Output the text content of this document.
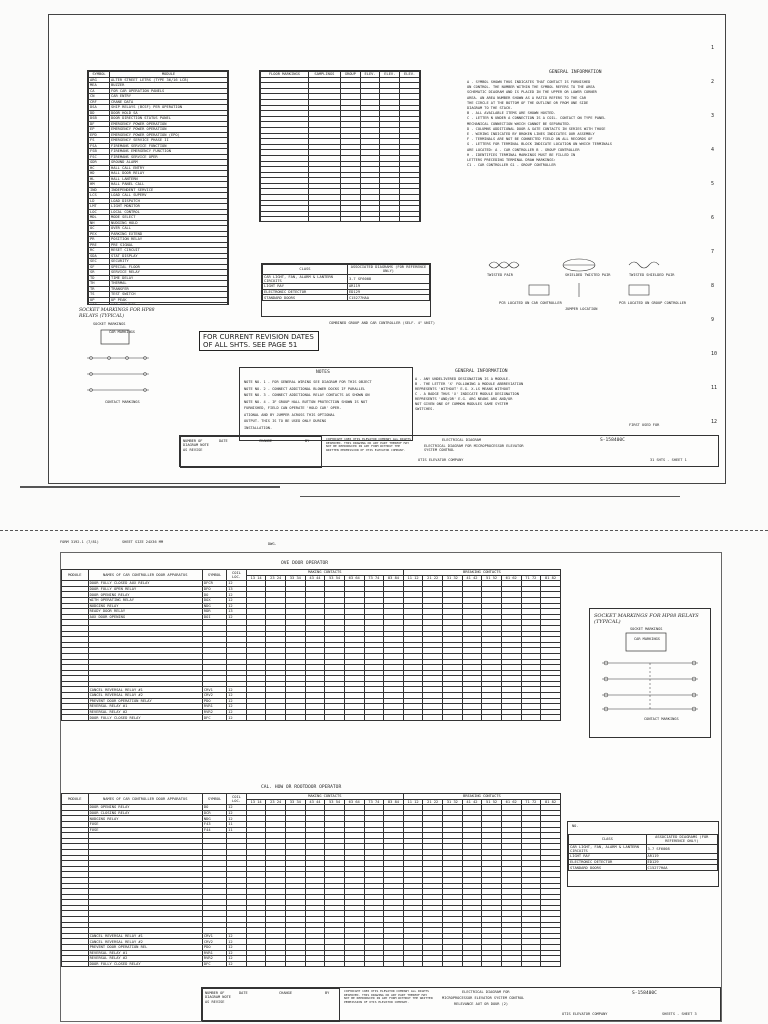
SYMBOL	MODULE
ARG	ALTER STREET LETRS (TYPE 36/16 LCB)
MEA	BUZZER
CA	FOR CAR OPERATION PANELS
CN	CAR ENTRY
CRF	CRANE DATA
DSA	SHIP RELAYS (BCSF) PER OPERATION
DD	DOOR HOLD SA
DSB	DOOR DIRECTION STATUS PANEL
DF	EMERGENCY POWER OPERATION
EP	EMERGENCY POWER OPERATION
EPD	EMERGENCY POWER OPERATION (EPO)
FS	EMERGENCY SERVICE PHASE II
FSA	FIREMANS SERVICE FUNCTION
FSB	FIREMANS EMERGENCY FUNCTION
FSC	FIREMANS SERVICE OPER
GDR	GROUND ALARM
HC	HALL CALL ENTRY
HD	HALL DOOR RELAY
HL	HALL LANTERN
HM	HALL PANEL CALL
IND	INDEPENDENT SERVICE
LCS	LOAD CALL SUPERV
LD	LOAD DISPATCH
LMT	LIGHT MONITOR
LOC	LOCAL CONTROL
MDL	MODE SELECT
NH	NUDGING HOLD
OC	OVER CALL
PEX	PARKING EXTEND
PR	POSITION RELAY
PRE	PRE SIGNAL
RC	RESET CIRCUIT
SDA	STAT DISPLAY
SEC	SECURITY
SF	SPECIAL FLOOR
SR	SERVICE RELAY
TD	TIME DELAY
TH	THERMAL
TR	TRANSFER
TS	TEST SWITCH
UP	UP PEAK

SOCKET MARKINGS FOR HP88 RELAYS (TYPICAL)
SOCKET MARKINGS
CAR MARKINGS
CONTACT MARKINGS
FLOOR MARKINGS	SAMPLINGS	GROUP	ELEV.	ELEV.	ELEV.

FOR CURRENT REVISION DATES OF ALL SHTS. SEE PAGE 51
CLASS	ASSOCIATED DIAGRAMS (FOR REFERENCE ONLY)
CAR LIGHT, FAN, ALARM & LANTERN CIRCUITS	3-7 SF6008
LIGHT RAY	AR119
ELECTRONIC DETECTOR	ED129
STANDARD DOORS	C15277HAA
COMBINED GROUP AND CAR CONTROLLER (SELF. 4" UNIT)
GENERAL INFORMATION
A - SYMBOL SHOWN THUS INDICATES THAT CONTACT IS FURNISHED
ON CONTROL. THE NUMBER WITHIN THE SYMBOL REFERS TO THE AREA
SCHEMATIC DIAGRAM AND IS PLACED IN THE UPPER OR LOWER CORNER
AREA. AN AREA NUMBER SHOWN AS A RATIO REFERS TO THE CAR
THE CIRCLE AT THE BOTTOM OF THE OUTLINE OR FROM ONE SIDE
DIAGRAM TO THE STACK.
B - ALL AVAILABLE ITEMS ARE SHOWN HOSTED.
C - LETTER N UNDER A CONNECTION IS A COIL. CONTACT ON TYPE PANEL
MECHANICAL CONNECTION WHICH CANNOT BE SEPARATED.
D - COLUMNS ADDITIONAL DOOR & GATE CONTACTS IN SERIES WITH THOSE
E - WIRING INDICATED BY BROKEN LINES INDICATES OUR ASSEMBLY
F - TERMINALS ARE NOT BE CONNECTED FIELD ON ALL RECORDS OF
G - LETTERS FOR TERMINAL BLOCK INDICATE LOCATION ON WHICH TERMINALS
ARE LOCATED: A - CAR CONTROLLER B - GROUP CONTROLLER
H - IDENTIFIES TERMINAL MARKINGS MUST BE FILLED IN
LETTERS PRECEDING TERMINAL DRAW MARKINGS:
C1 - CAR CONTROLLER G1 - GROUP CONTROLLER
TWISTED PAIR	SHIELDED TWISTED PAIR	TWISTED SHIELDED PAIR
PCB LOCATED ON CAR CONTROLLER	PCB LOCATED ON GROUP CONTROLLER
JUMPER LOCATION
NOTES
NOTE NO. 1 - FOR GENERAL WIRING SEE DIAGRAM FOR THIS OBJECT
NOTE NO. 2 - CONNECT ADDITIONAL BLOWER DOCKS IF PARALLEL
NOTE NO. 3 - CONNECT ADDITIONAL RELAY CONTACTS AS SHOWN ON
NOTE NO. 4 - IF GROUP HALL BUTTON PROTECTION SHOWN IS NOT
FURNISHED, FIELD CAN OPERATE 'HOLD CAR' OPER-
ATIONAL AND BY JUMPER ACROSS THIS OPTIONAL
OUTPUT. THIS IS TO BE USED ONLY DURING
INSTALLATION.
GENERAL INFORMATION
A - ANY UNDELIVERED DESIGNATION IS A MODULE.
B - THE LETTER 'X' FOLLOWING A MODULE ABBREVIATION
REPRESENTS 'WITHOUT' E.G. X-LS MEANS WITHOUT
C - A BADGE THUS 'X' INDICATE MODULE DESIGNATION
REPRESENTS 'AND/OR' E.G. ARG NEANS ARG AND/OR
NOT GIVEN ONE OF COMMON MODULES SAME SYSTEM
SWITCHES.
FIRST USED FOR
NUMBER OF DIAGRAM NOTE AS REVISE
DATE	CHANGE	BY	COPYRIGHT 1985 OTIS ELEVATOR COMPANY ALL RIGHTS RESERVED. THIS DRAWING OR ANY PART THEREOF MAY NOT BE REPRODUCED IN ANY FORM WITHOUT THE WRITTEN PERMISSION OF OTIS ELEVATOR COMPANY.
ELECTRICAL DIAGRAM
ELECTRICAL DIAGRAM FOR MICROPROCESSOR ELEVATOR SYSTEM CONTROL
OTIS ELEVATOR COMPANY
S-158400C
31 SHTS - SHEET 1
1
2
3
4
5
6
7
8
9
10
11
12
FORM 3192-1 (7/81)	SHEET SIZE 24X36 MM	DWG.
OVE DOOR OPERATOR
MODULE	NAMES OF CAR CONTROLLER DOOR APPARATUS	SYMBOL	COIL LOC.	MAKING CONTACTS								BREAKING CONTACTS							
				13 14	23 24	33 34	43 44	53 54	63 64	73 74	83 84	11 12	21 22	31 32	41 42	51 52	61 62	71 72	81 82
	DOOR FULLY CLOSED AUX RELAY	DFCR	12																
	DOOR FULLY OPEN RELAY	DFO	13																
	DOOR OPENING RELAY	DO	12																
	WITH OPERATING RELAY	DOX	12																
	NUDGING RELAY	NDG	12																
	READY DOOR RELAY	RDR	13																
	AUX DOOR OPENING	DOI	12																

	CANCEL REVERSAL RELAY #1	CRV1	12																
	CANCEL REVERSAL RELAY #2	CRV2	12																
	PREVENT DOOR OPERATION RELAY	PDO	12																
	REVERSAL RELAY #1	RVR1	12																
	REVERSAL RELAY #2	RVR2	12																
	DOOR FULLY CLOSED RELAY	DFC	12																
CAL. HOW OR ROOTDOOR OPERATOR
MODULE	NAMES OF CAR CONTROLLER DOOR APPARATUS	SYMBOL	COIL LOC.	MAKING CONTACTS								BREAKING CONTACTS							
				13 14	23 24	33 34	43 44	53 54	63 64	73 74	83 84	11 12	21 22	31 32	41 42	51 52	61 62	71 72	81 82
	DOOR OPENING RELAY	DO	12																
	DOOR CLOSING RELAY	DCR	12																
	NUDGING RELAY	NDG	12																
	FUSE	F43	11																
	FUSE	F44	11																

	CANCEL REVERSAL RELAY #1	CRV1	12																
	CANCEL REVERSAL RELAY #2	CRV2	12																
	PREVENT DOOR OPERATION REL	PDO	12																
	REVERSAL RELAY #1	RVR1	12																
	REVERSAL RELAY #2	RVR2	12																
	DOOR FULLY CLOSED RELAY	DFC	12																
SOCKET MARKINGS FOR HP88 RELAYS (TYPICAL)
SOCKET MARKINGS
CAR MARKINGS
CONTACT MARKINGS
NO.
CLASS	ASSOCIATED DIAGRAMS (FOR REFERENCE ONLY)
CAR LIGHT, FAN, ALARM & LANTERN CIRCUITS	3-7 SF6008
LIGHT RAY	AR119
ELECTRONIC DETECTOR	ED129
STANDARD DOORS	C15277HAA
NUMBER OF DIAGRAM NOTE AS REVISE
DATE	CHANGE	BY	COPYRIGHT 1985 OTIS ELEVATOR COMPANY ALL RIGHTS RESERVED. THIS DRAWING OR ANY PART THEREOF MAY NOT BE REPRODUCED IN ANY FORM WITHOUT THE WRITTEN PERMISSION OF OTIS ELEVATOR COMPANY.
ELECTRICAL DIAGRAM FOR
MICROPROCESSOR ELEVATOR SYSTEM CONTROL
RELEVANCE AUT OR DOUR (2)
OTIS ELEVATOR COMPANY
S-158400C
SHEETS - SHEET 3
